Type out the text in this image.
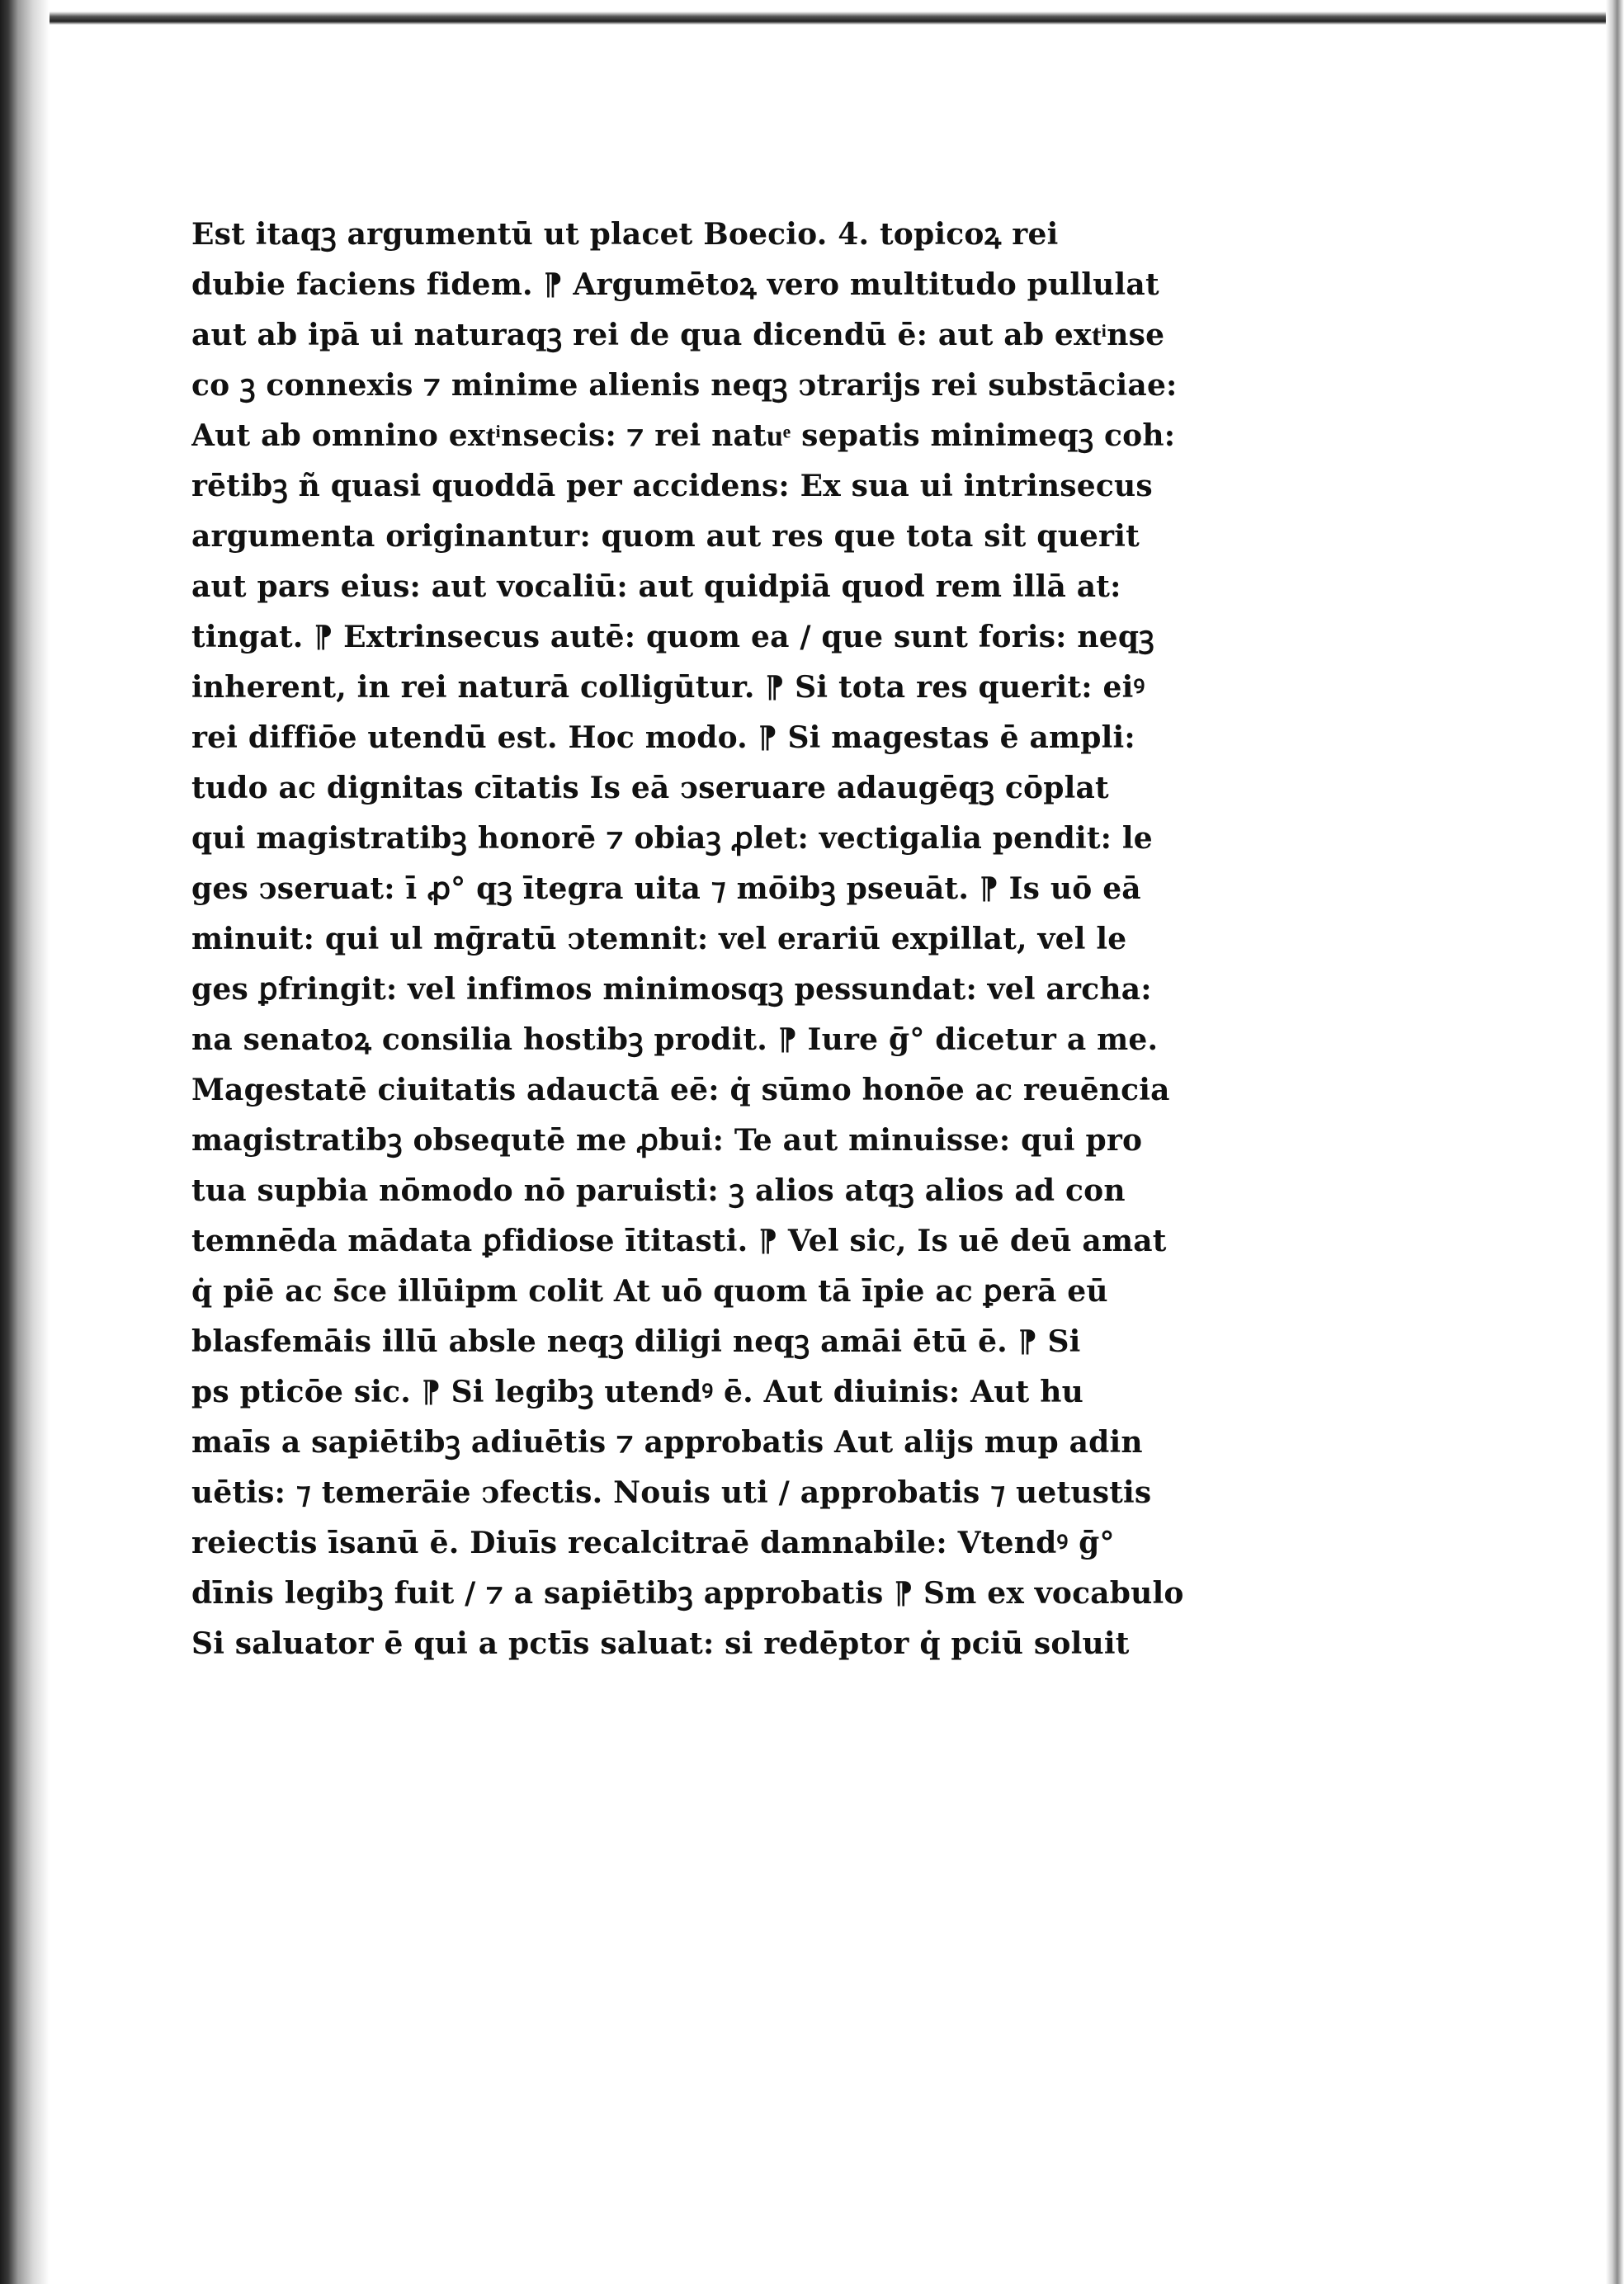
Est itaqꝫ argumentū ut placet Boecio. 4. topicoꝝ rei
dubie faciens fidem. ⁋ Argumētoꝝ vero multitudo pullulat
aut ab ipā ui naturaqꝫ rei de qua dicendū ē: aut ab extͥnse
co ꝫ connexis ⁊ minime alienis neqꝫ ↄtrarijs rei substāciae:
Aut ab omnino extͥnsecis: ⁊ rei natuͤ sepatis minimeqꝫ coh:
rētibꝫ ñ quasi quoddā per accidens: Ex sua ui intrinsecus
argumenta originantur: quom aut res que tota sit querit
aut pars eius: aut vocaliū: aut quidpiā quod rem illā at:
tingat. ⁋ Extrinsecus autē: quom ea / que sunt foris: neqꝫ
inherent, in rei naturā colligūtur. ⁋ Si tota res querit: eiꝰ
rei diffiōe utendū est. Hoc modo. ⁋ Si magestas ē ampli:
tudo ac dignitas cītatis Is eā ↄseruare adaugēqꝫ cōplat
qui magistratibꝫ honorē ⁊ obiaꝫ ꝓlet: vectigalia pendit: le
ges ↄseruat: ī ꝓ° qꝫ ītegra uita ⁊ mōibꝫ pseuāt. ⁋ Is uō eā
minuit: qui ul mḡratū ↄtemnit: vel erariū expillat, vel le
ges ꝑfringit: vel infimos minimosqꝫ pessundat: vel archa:
na senatoꝝ consilia hostibꝫ prodit. ⁋ Iure ḡ° dicetur a me.
Magestatē ciuitatis adauctā eē: q̇ sūmo honōe ac reuēncia
magistratibꝫ obsequtē me ꝓbui: Te aut minuisse: qui pro
tua supbia nōmodo nō paruisti: ꝫ alios atqꝫ alios ad con
temnēda mādata ꝑfidiose ītitasti. ⁋ Vel sic, Is uē deū amat
q̇ piē ac s̄ce illūipm colit At uō quom tā īpie ac ꝑerā eū
blasfemāis illū absle neqꝫ diligi neqꝫ amāi ētū ē. ⁋ Si
ps pticōe sic. ⁋ Si legibꝫ utendꝰ ē. Aut diuinis: Aut hu
maīs a sapiētibꝫ adiuētis ⁊ approbatis Aut alijs mup adin
uētis: ⁊ temerāie ↄfectis. Nouis uti / approbatis ⁊ uetustis
reiectis īsanū ē. Diuīs recalcitraē damnabile: Vtendꝰ ḡ°
dīnis legibꝫ fuit / ⁊ a sapiētibꝫ approbatis ⁋ Sm ex vocabulo
Si saluator ē qui a pctīs saluat: si redēptor q̇ pciū soluit
